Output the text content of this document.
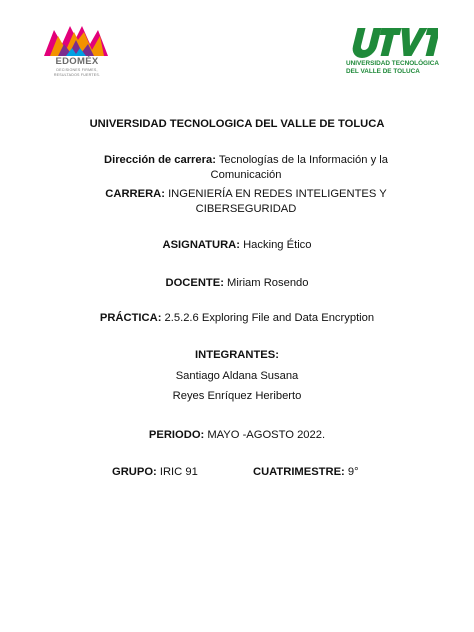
EDOMÉX
DECISIONES FIRMES,
RESULTADOS FUERTES.
UNIVERSIDAD TECNOLÓGICA
DEL VALLE DE TOLUCA
UNIVERSIDAD TECNOLOGICA DEL VALLE DE TOLUCA
Dirección de carrera: Tecnologías de la Información y la Comunicación
CARRERA: INGENIERÍA EN REDES INTELIGENTES Y CIBERSEGURIDAD
ASIGNATURA: Hacking Ético
DOCENTE: Miriam Rosendo
PRÁCTICA: 2.5.2.6 Exploring File and Data Encryption
INTEGRANTES:
Santiago Aldana Susana
Reyes Enríquez Heriberto
PERIODO: MAYO -AGOSTO 2022.
GRUPO: IRIC 91	CUATRIMESTRE: 9°
